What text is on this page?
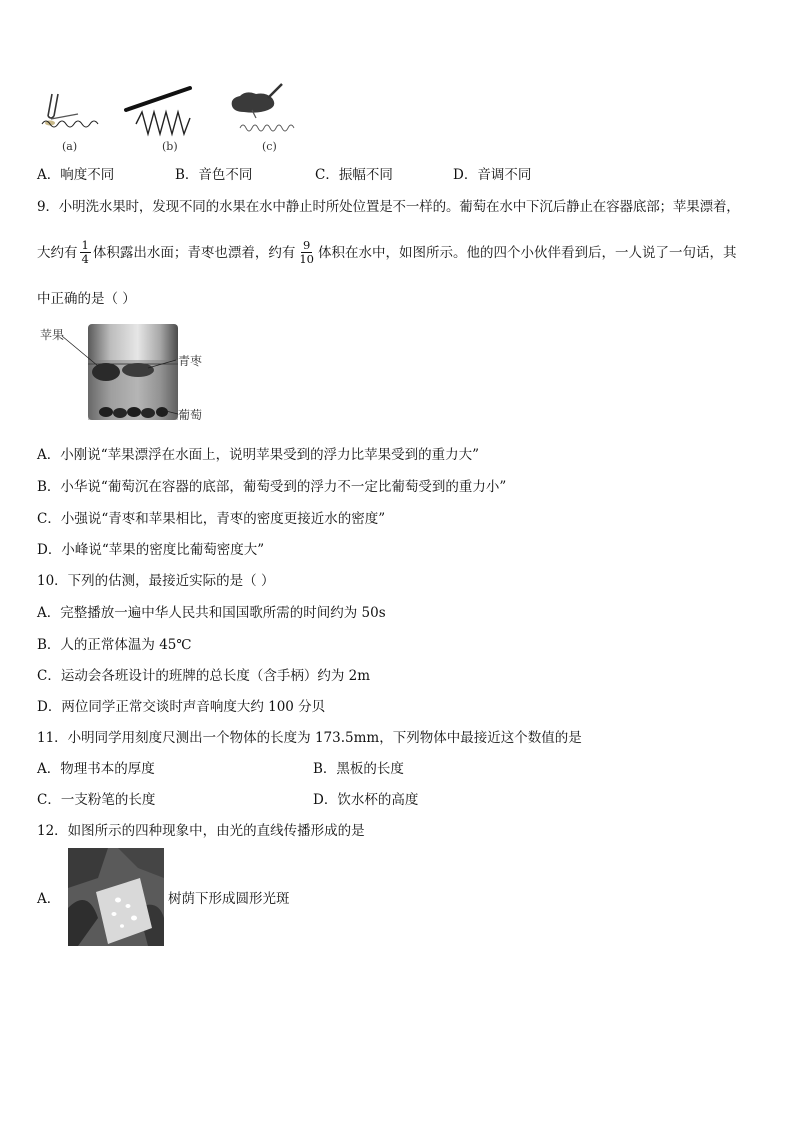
(a)	(b)	(c)
A．响度不同	B．音色不同	C．振幅不同	D．音调不同
9．小明洗水果时，发现不同的水果在水中静止时所处位置是不一样的。葡萄在水中下沉后静止在容器底部；苹果漂着，
大约有 $\frac{1}{4}$ 体积露出水面；青枣也漂着，约有 $\frac{9}{10}$ 体积在水中，如图所示。他的四个小伙伴看到后，一人说了一句话，其
中正确的是（ ）
苹果
青枣
葡萄
A．小刚说“苹果漂浮在水面上，说明苹果受到的浮力比苹果受到的重力大”
B．小华说“葡萄沉在容器的底部，葡萄受到的浮力不一定比葡萄受到的重力小”
C．小强说“青枣和苹果相比，青枣的密度更接近水的密度”
D．小峰说“苹果的密度比葡萄密度大”
10．下列的估测，最接近实际的是（ ）
A．完整播放一遍中华人民共和国国歌所需的时间约为 50s
B．人的正常体温为 45℃
C．运动会各班设计的班牌的总长度（含手柄）约为 2m
D．两位同学正常交谈时声音响度大约 100 分贝
11．小明同学用刻度尺测出一个物体的长度为 173.5mm，下列物体中最接近这个数值的是
A．物理书本的厚度	B．黑板的长度
C．一支粉笔的长度	D．饮水杯的高度
12．如图所示的四种现象中，由光的直线传播形成的是
A．	树荫下形成圆形光斑
